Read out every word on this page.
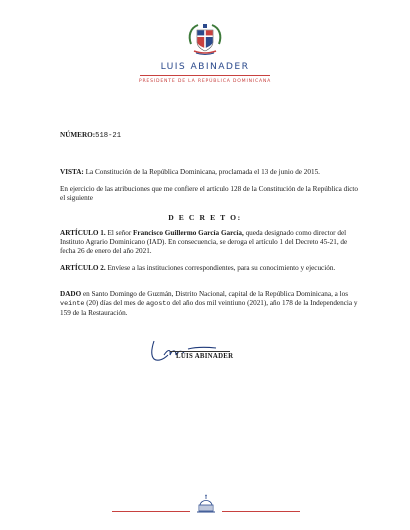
LUIS ABINADER
PRESIDENTE DE LA REPÚBLICA DOMINICANA

NÚMERO:518-21

VISTA: La Constitución de la República Dominicana, proclamada el 13 de junio de 2015.

En ejercicio de las atribuciones que me confiere el artículo 128 de la Constitución de la República dicto el siguiente

D E C R E T O:

ARTÍCULO 1. El señor Francisco Guillermo García García, queda designado como director del Instituto Agrario Dominicano (IAD). En consecuencia, se deroga el artículo 1 del Decreto 45-21, de fecha 26 de enero del año 2021.

ARTÍCULO 2. Envíese a las instituciones correspondientes, para su conocimiento y ejecución.

DADO en Santo Domingo de Guzmán, Distrito Nacional, capital de la República Dominicana, a los veinte (20) días del mes de agosto del año dos mil veintiuno (2021), año 178 de la Independencia y 159 de la Restauración.

LUIS ABINADER
